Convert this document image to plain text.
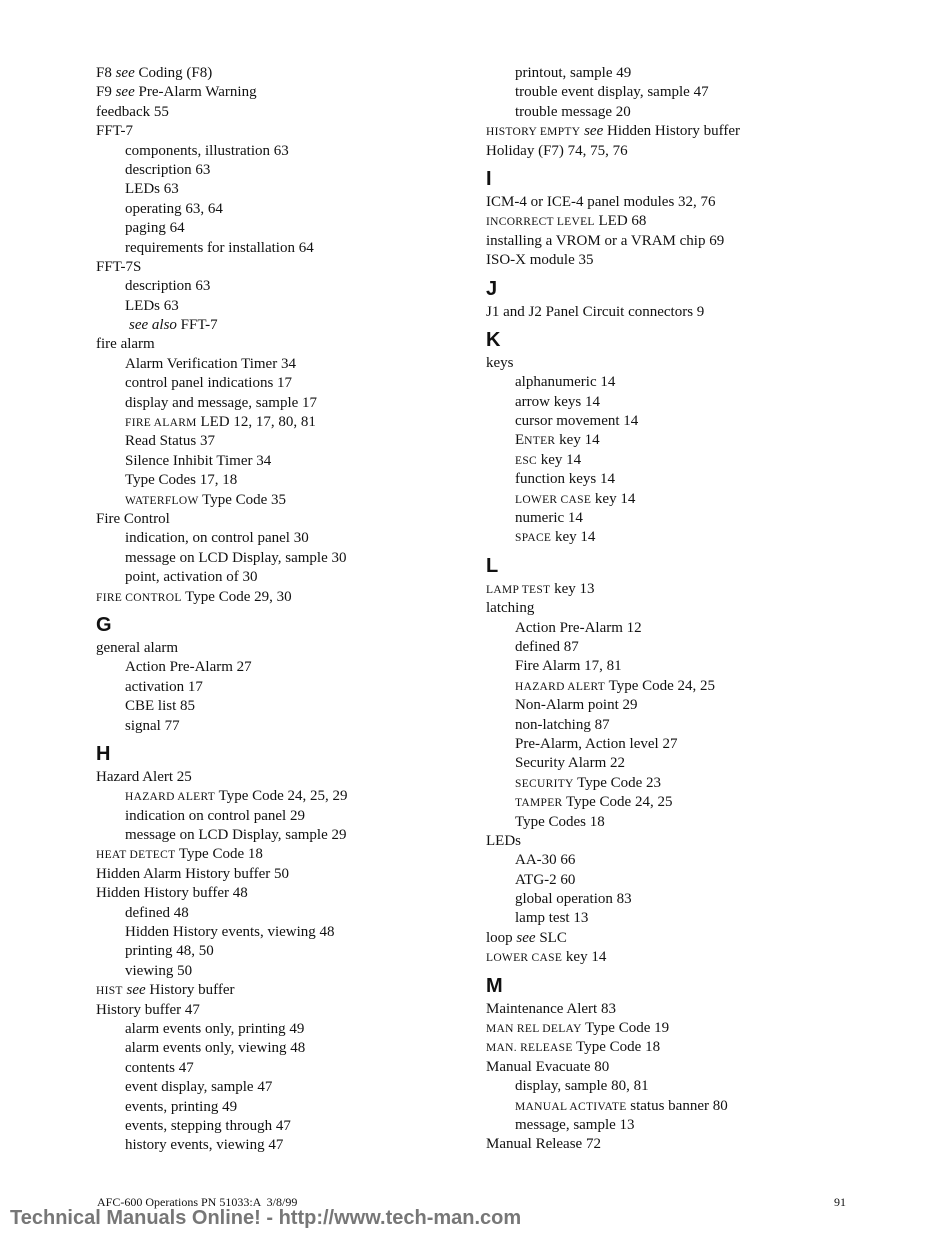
F8 see Coding (F8)
F9 see Pre-Alarm Warning
feedback 55
FFT-7
components, illustration 63
description 63
LEDs 63
operating 63, 64
paging 64
requirements for installation 64
FFT-7S
description 63
LEDs 63
see also FFT-7
fire alarm
Alarm Verification Timer 34
control panel indications 17
display and message, sample 17
FIRE ALARM LED 12, 17, 80, 81
Read Status 37
Silence Inhibit Timer 34
Type Codes 17, 18
WATERFLOW Type Code 35
Fire Control
indication, on control panel 30
message on LCD Display, sample 30
point, activation of 30
FIRE CONTROL Type Code 29, 30
G
general alarm
Action Pre-Alarm 27
activation 17
CBE list 85
signal 77
H
Hazard Alert 25
HAZARD ALERT Type Code 24, 25, 29
indication on control panel 29
message on LCD Display, sample 29
HEAT DETECT Type Code 18
Hidden Alarm History buffer 50
Hidden History buffer 48
defined 48
Hidden History events, viewing 48
printing 48, 50
viewing 50
HIST see History buffer
History buffer 47
alarm events only, printing 49
alarm events only, viewing 48
contents 47
event display, sample 47
events, printing 49
events, stepping through 47
history events, viewing 47
printout, sample 49
trouble event display, sample 47
trouble message 20
HISTORY EMPTY see Hidden History buffer
Holiday (F7) 74, 75, 76
I
ICM-4 or ICE-4 panel modules 32, 76
INCORRECT LEVEL LED 68
installing a VROM or a VRAM chip 69
ISO-X module 35
J
J1 and J2 Panel Circuit connectors 9
K
keys
alphanumeric 14
arrow keys 14
cursor movement 14
ENTER key 14
ESC key 14
function keys 14
LOWER CASE key 14
numeric 14
SPACE key 14
L
LAMP TEST key 13
latching
Action Pre-Alarm 12
defined 87
Fire Alarm 17, 81
HAZARD ALERT Type Code 24, 25
Non-Alarm point 29
non-latching 87
Pre-Alarm, Action level 27
Security Alarm 22
SECURITY Type Code 23
TAMPER Type Code 24, 25
Type Codes 18
LEDs
AA-30 66
ATG-2 60
global operation 83
lamp test 13
loop see SLC
LOWER CASE key 14
M
Maintenance Alert 83
MAN REL DELAY Type Code 19
MAN. RELEASE Type Code 18
Manual Evacuate 80
display, sample 80, 81
MANUAL ACTIVATE status banner 80
message, sample 13
Manual Release 72
AFC-600 Operations PN 51033:A  3/8/99	91
Technical Manuals Online! - http://www.tech-man.com
